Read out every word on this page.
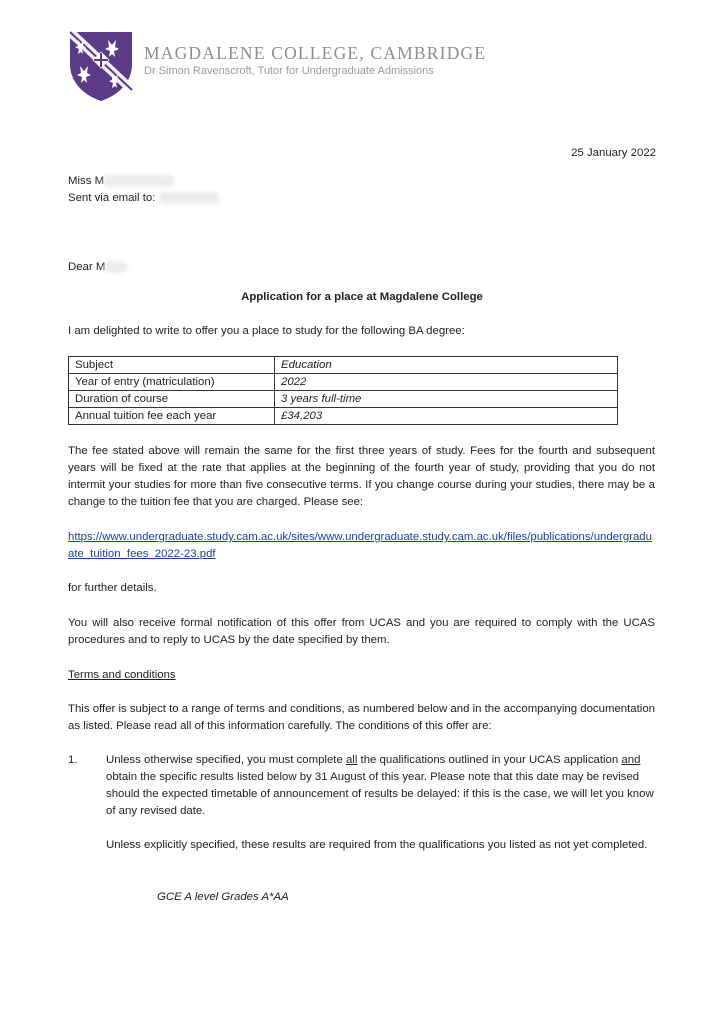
MAGDALENE COLLEGE, CAMBRIDGE
Dr Simon Ravenscroft, Tutor for Undergraduate Admissions
25 January 2022
Miss M
Sent via email to:
Dear M
Application for a place at Magdalene College
I am delighted to write to offer you a place to study for the following BA degree:
Subject	Education
Year of entry (matriculation)	2022
Duration of course	3 years full-time
Annual tuition fee each year	£34,203
The fee stated above will remain the same for the first three years of study. Fees for the fourth and subsequent years will be fixed at the rate that applies at the beginning of the fourth year of study, providing that you do not intermit your studies for more than five consecutive terms. If you change course during your studies, there may be a change to the tuition fee that you are charged. Please see:
https://www.undergraduate.study.cam.ac.uk/sites/www.undergraduate.study.cam.ac.uk/files/publications/undergraduate_tuition_fees_2022-23.pdf
for further details.
You will also receive formal notification of this offer from UCAS and you are required to comply with the UCAS procedures and to reply to UCAS by the date specified by them.
Terms and conditions
This offer is subject to a range of terms and conditions, as numbered below and in the accompanying documentation as listed. Please read all of this information carefully. The conditions of this offer are:
1.	Unless otherwise specified, you must complete all the qualifications outlined in your UCAS application and obtain the specific results listed below by 31 August of this year. Please note that this date may be revised should the expected timetable of announcement of results be delayed: if this is the case, we will let you know of any revised date.
Unless explicitly specified, these results are required from the qualifications you listed as not yet completed.
GCE A level Grades A*AA
